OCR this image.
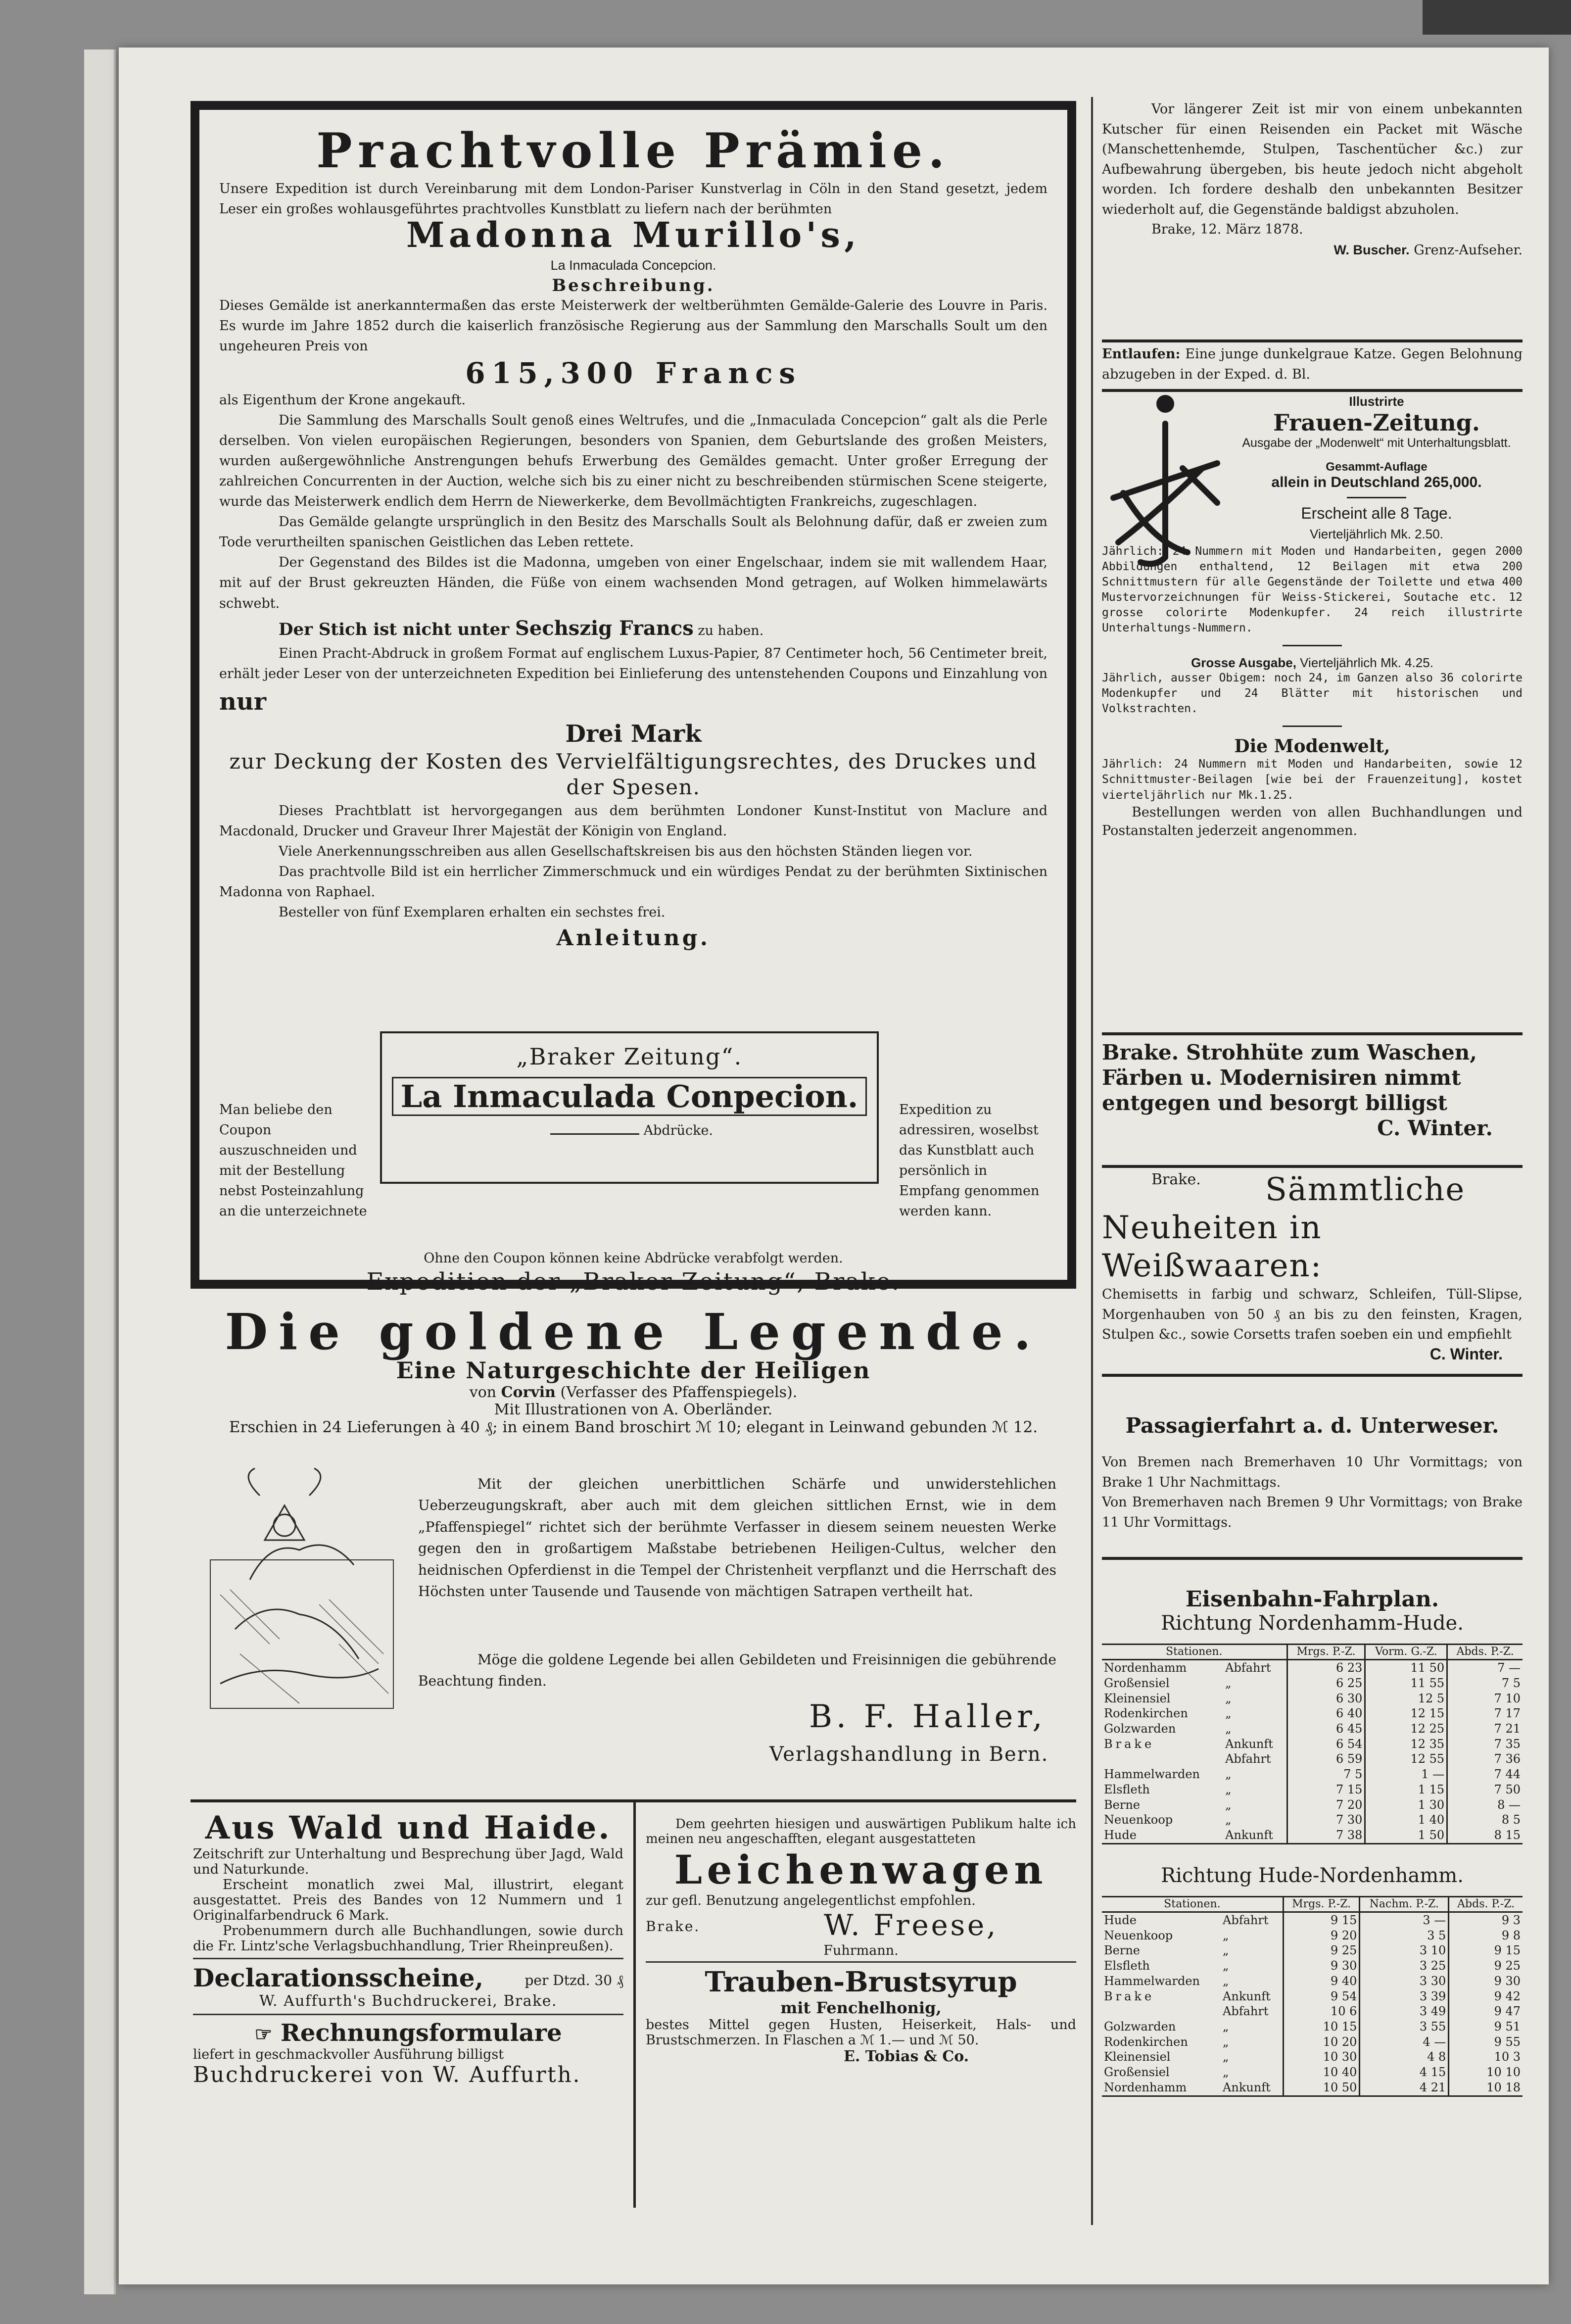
Prachtvolle Prämie.

Unsere Expedition ist durch Vereinbarung mit dem London-Pariser Kunstverlag in Cöln in den Stand gesetzt, jedem Leser ein großes wohlausgeführtes prachtvolles Kunstblatt zu liefern nach der berühmten

Madonna Murillo's,
La Inmaculada Concepcion.
Beschreibung.

Dieses Gemälde ist anerkanntermaßen das erste Meisterwerk der weltberühmten Gemälde-Galerie des Louvre in Paris. Es wurde im Jahre 1852 durch die kaiserlich französische Regierung aus der Sammlung den Marschalls Soult um den ungeheuren Preis von

615,300 Francs

als Eigenthum der Krone angekauft.

Die Sammlung des Marschalls Soult genoß eines Weltrufes, und die „Inmaculada Concepcion“ galt als die Perle derselben. Von vielen europäischen Regierungen, besonders von Spanien, dem Geburtslande des großen Meisters, wurden außergewöhnliche Anstrengungen behufs Erwerbung des Gemäldes gemacht. Unter großer Erregung der zahlreichen Concurrenten in der Auction, welche sich bis zu einer nicht zu beschreibenden stürmischen Scene steigerte, wurde das Meisterwerk endlich dem Herrn de Niewerkerke, dem Bevollmächtigten Frankreichs, zugeschlagen.

Das Gemälde gelangte ursprünglich in den Besitz des Marschalls Soult als Belohnung dafür, daß er zweien zum Tode verurtheilten spanischen Geistlichen das Leben rettete.

Der Gegenstand des Bildes ist die Madonna, umgeben von einer Engelschaar, indem sie mit wallendem Haar, mit auf der Brust gekreuzten Händen, die Füße von einem wachsenden Mond getragen, auf Wolken himmelawärts schwebt.

Der Stich ist nicht unter Sechszig Francs zu haben.

Einen Pracht-Abdruck in großem Format auf englischem Luxus-Papier, 87 Centimeter hoch, 56 Centimeter breit, erhält jeder Leser von der unterzeichneten Expedition bei Einlieferung des untenstehenden Coupons und Einzahlung von nur

Drei Mark
zur Deckung der Kosten des Vervielfältigungsrechtes, des Druckes und der Spesen.

Dieses Prachtblatt ist hervorgegangen aus dem berühmten Londoner Kunst-Institut von Maclure and Macdonald, Drucker und Graveur Ihrer Majestät der Königin von England.

Viele Anerkennungsschreiben aus allen Gesellschaftskreisen bis aus den höchsten Ständen liegen vor.

Das prachtvolle Bild ist ein herrlicher Zimmerschmuck und ein würdiges Pendat zu der berühmten Sixtinischen Madonna von Raphael.

Besteller von fünf Exemplaren erhalten ein sechstes frei.

Anleitung.
Man beliebe den Coupon auszuschneiden und mit der Bestellung nebst Posteinzahlung an die unterzeichnete
Expedition zu adressiren, woselbst das Kunstblatt auch persönlich in Empfang genommen werden kann.
Ohne den Coupon können keine Abdrücke verabfolgt werden.
Expedition der „Braker Zeitung“, Brake.
„Braker Zeitung“.
La Inmaculada Conpecion.
Abdrücke.
Die goldene Legende.
Eine Naturgeschichte der Heiligen
von Corvin (Verfasser des Pfaffenspiegels).
Mit Illustrationen von A. Oberländer.
Erschien in 24 Lieferungen à 40 ₰; in einem Band broschirt ℳ 10; elegant in Leinwand gebunden ℳ 12.

Mit der gleichen unerbittlichen Schärfe und unwiderstehlichen Ueberzeugungskraft, aber auch mit dem gleichen sittlichen Ernst, wie in dem „Pfaffenspiegel“ richtet sich der berühmte Verfasser in diesem seinem neuesten Werke gegen den in großartigem Maßstabe betriebenen Heiligen-Cultus, welcher den heidnischen Opferdienst in die Tempel der Christenheit verpflanzt und die Herrschaft des Höchsten unter Tausende und Tausende von mächtigen Satrapen vertheilt hat.

Möge die goldene Legende bei allen Gebildeten und Freisinnigen die gebührende Beachtung finden.

B. F. Haller,
Verlagshandlung in Bern.
Aus Wald und Haide.

Zeitschrift zur Unterhaltung und Besprechung über Jagd, Wald und Naturkunde.

Erscheint monatlich zwei Mal, illustrirt, elegant ausgestattet. Preis des Bandes von 12 Nummern und 1 Originalfarbendruck 6 Mark.

Probenummern durch alle Buchhandlungen, sowie durch die Fr. Lintz'sche Verlagsbuchhandlung, Trier Rheinpreußen).

Declarationsscheine,	per Dtzd. 30 ₰
W. Auffurth's Buchdruckerei, Brake.
☞ Rechnungsformulare
liefert in geschmackvoller Ausführung billigst
Buchdruckerei von W. Auffurth.

Dem geehrten hiesigen und auswärtigen Publikum halte ich meinen neu angeschafften, elegant ausgestatteten

Leichenwagen
zur gefl. Benutzung angelegentlichst empfohlen.
Brake.	W. Freese,
Fuhrmann.
Trauben-Brustsyrup
mit Fenchelhonig,

bestes Mittel gegen Husten, Heiserkeit, Hals- und Brustschmerzen. In Flaschen a ℳ 1.— und ℳ 50.

E. Tobias & Co.

Vor längerer Zeit ist mir von einem unbekannten Kutscher für einen Reisenden ein Packet mit Wäsche (Manschettenhemde, Stulpen, Taschentücher &c.) zur Aufbewahrung übergeben, bis heute jedoch nicht abgeholt worden. Ich fordere deshalb den unbekannten Besitzer wiederholt auf, die Gegenstände baldigst abzuholen.

Brake, 12. März 1878.

W. Buscher. Grenz-Aufseher.
Entlaufen: Eine junge dunkelgraue Katze. Gegen Belohnung abzugeben in der Exped. d. Bl.
Illustrirte
Frauen-Zeitung.
Ausgabe der „Modenwelt“ mit Unterhaltungsblatt.
Gesammt-Auflage
allein in Deutschland 265,000.
Erscheint alle 8 Tage.
Vierteljährlich Mk. 2.50.

Jährlich: 24 Nummern mit Moden und Handarbeiten, gegen 2000 Abbildungen enthaltend, 12 Beilagen mit etwa 200 Schnittmustern für alle Gegenstände der Toilette und etwa 400 Mustervorzeichnungen für Weiss-Stickerei, Soutache etc. 12 grosse colorirte Modenkupfer. 24 reich illustrirte Unterhaltungs-Nummern.

Grosse Ausgabe, Vierteljährlich Mk. 4.25.

Jährlich, ausser Obigem: noch 24, im Ganzen also 36 colorirte Modenkupfer und 24 Blätter mit historischen und Volkstrachten.

Die Modenwelt,

Jährlich: 24 Nummern mit Moden und Handarbeiten, sowie 12 Schnittmuster-Beilagen [wie bei der Frauenzeitung], kostet vierteljährlich nur Mk.1.25.

Bestellungen werden von allen Buchhandlungen und Postanstalten jederzeit angenommen.

Brake. Strohhüte zum Waschen, Färben u. Modernisiren nimmt entgegen und besorgt billigst

C. Winter.
Brake.	Sämmtliche Neuheiten in Weißwaaren:

Chemisetts in farbig und schwarz, Schleifen, Tüll-Slipse, Morgenhauben von 50 ₰ an bis zu den feinsten, Kragen, Stulpen &c., sowie Corsetts trafen soeben ein und empfiehlt

C. Winter.
Passagierfahrt a. d. Unterweser.

Von Bremen nach Bremerhaven 10 Uhr Vormittags; von Brake 1 Uhr Nachmittags.

Von Bremerhaven nach Bremen 9 Uhr Vormittags; von Brake 11 Uhr Vormittags.

Eisenbahn-Fahrplan.
Richtung Nordenhamm-Hude.
Stationen.		Mrgs. P.-Z.	Vorm. G.-Z.	Abds. P.-Z.
Nordenhamm	Abfahrt	6 23	11 50	7 —
Großensiel	„	6 25	11 55	7 5
Kleinensiel	„	6 30	12 5	7 10
Rodenkirchen	„	6 40	12 15	7 17
Golzwarden	„	6 45	12 25	7 21
Brake	Ankunft	6 54	12 35	7 35
	Abfahrt	6 59	12 55	7 36
Hammelwarden	„	7 5	1 —	7 44
Elsfleth	„	7 15	1 15	7 50
Berne	„	7 20	1 30	8 —
Neuenkoop	„	7 30	1 40	8 5
Hude	Ankunft	7 38	1 50	8 15
Richtung Hude-Nordenhamm.
Stationen.		Mrgs. P.-Z.	Nachm. P.-Z.	Abds. P.-Z.
Hude	Abfahrt	9 15	3 —	9 3
Neuenkoop	„	9 20	3 5	9 8
Berne	„	9 25	3 10	9 15
Elsfleth	„	9 30	3 25	9 25
Hammelwarden	„	9 40	3 30	9 30
Brake	Ankunft	9 54	3 39	9 42
	Abfahrt	10 6	3 49	9 47
Golzwarden	„	10 15	3 55	9 51
Rodenkirchen	„	10 20	4 —	9 55
Kleinensiel	„	10 30	4 8	10 3
Großensiel	„	10 40	4 15	10 10
Nordenhamm	Ankunft	10 50	4 21	10 18
